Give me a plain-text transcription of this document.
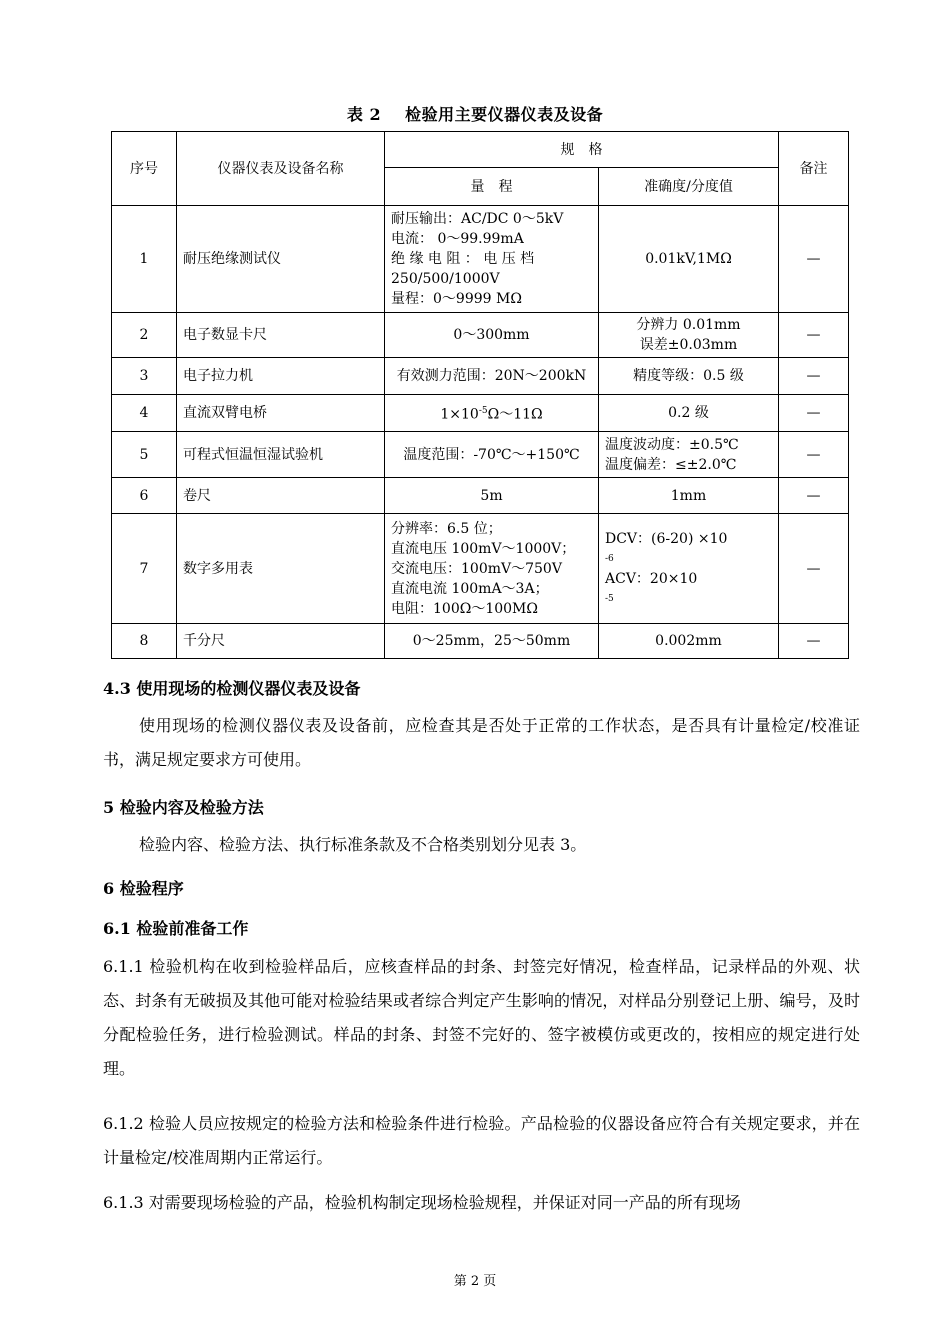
表 2 检验用主要仪器仪表及设备
序号	仪器仪表及设备名称	规　格		备注
		量　程	准确度/分度值	
1	耐压绝缘测试仪	耐压输出：AC/DC 0～5kV
电流： 0～99.99mA
绝 缘 电 阻 ： 电 压 档
250/500/1000V
量程：0～9999 MΩ	0.01kV,1MΩ	—
2	电子数显卡尺	0～300mm	分辨力 0.01mm
误差±0.03mm	—
3	电子拉力机	有效测力范围：20N～200kN	精度等级：0.5 级	—
4	直流双臂电桥	$1\times 10^{-5}\Omega\sim 11\Omega$	0.2 级	—
5	可程式恒温恒湿试验机	温度范围：-70℃～+150℃	温度波动度：±0.5℃
温度偏差：≤±2.0℃	—
6	卷尺	5m	1mm	—
7	数字多用表	分辨率：6.5 位；
直流电压 100mV～1000V；
交流电压：100mV～750V
直流电流 100mA～3A；
电阻：100Ω～100MΩ	DCV：(6-20) ×10
-6
ACV：20×10
-5	—
8	千分尺	0～25mm，25～50mm	0.002mm	—
4.3 使用现场的检测仪器仪表及设备
使用现场的检测仪器仪表及设备前，应检查其是否处于正常的工作状态，是否具有计量检定/校准证书，满足规定要求方可使用。
5 检验内容及检验方法
检验内容、检验方法、执行标准条款及不合格类别划分见表 3。
6 检验程序
6.1 检验前准备工作
6.1.1 检验机构在收到检验样品后，应核查样品的封条、封签完好情况，检查样品，记录样品的外观、状态、封条有无破损及其他可能对检验结果或者综合判定产生影响的情况，对样品分别登记上册、编号，及时分配检验任务，进行检验测试。样品的封条、封签不完好的、签字被模仿或更改的，按相应的规定进行处理。
6.1.2 检验人员应按规定的检验方法和检验条件进行检验。产品检验的仪器设备应符合有关规定要求，并在计量检定/校准周期内正常运行。
6.1.3 对需要现场检验的产品，检验机构制定现场检验规程，并保证对同一产品的所有现场
第 2 页
